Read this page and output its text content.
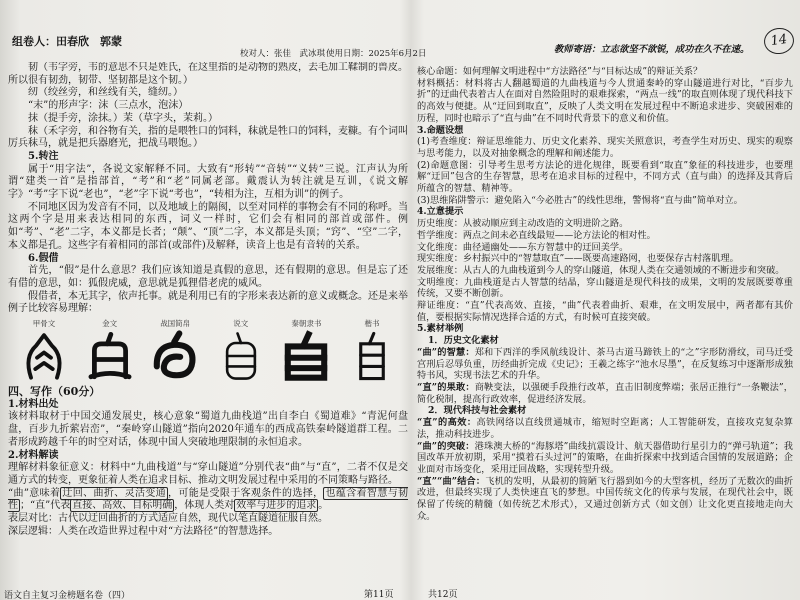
组卷人：田春欣　郭蒙
校对人：张佳　武冰琪 使用日期：2025年6月2日	教师寄语：立志欲坚不欲锐，成功在久不在速。
14

韧（韦字旁，韦的意思不只是姓氏，在这里指的是动物的熟皮，去毛加工鞣制的兽皮。所以很有韧劲，韧带、坚韧都是这个韧。）

纫（绞丝旁，和丝线有关，缝纫。）

“末”的形声字：沫（三点水，泡沫）

抹（提手旁，涂抹。）茉（草字头，茉莉。）

秣（禾字旁，和谷物有关，指的是喂牲口的饲料，秣就是牲口的饲料，麦糠。有个词叫厉兵秣马，就是把兵器磨光，把战马喂饱。）

5.转注

属于“用字法”，各说文家解释不同。大致有“形转”“音转”“义转”三说。江声认为所谓“建类一首”是指部首，“考”和“老”同属老部。戴震认为转注就是互训，《说文解字》“考”字下说“老也”，“老”字下说“考也”，“转相为注，互相为训”的例子。

不同地区因为发音有不同，以及地域上的隔阂，以至对同样的事物会有不同的称呼。当这两个字是用来表达相同的东西，词义一样时，它们会有相同的部首或部件。例如“考”、“老”二字，本义都是长者；“颠”、“顶”二字，本义都是头顶；“窍”、“空”二字，本义都是孔。这些字有着相同的部首(或部件)及解释，读音上也是有音转的关系。

6.假借

首先，“假”是什么意思？我们应该知道是真假的意思，还有假期的意思。但是忘了还有借的意思，如：狐假虎威，意思就是狐狸借老虎的威风。

假借者，本无其字，依声托事。就是利用已有的字形来表达新的意义或概念。还是来举例子比较容易理解：

甲骨文	金文	战国简帛	说文	秦朝隶书	楷书

四、写作（60分）

1.材料出处

该材料取材于中国交通发展史，核心意象“蜀道九曲栈道”出自李白《蜀道难》“青泥何盘盘，百步九折萦岩峦”，“秦岭穿山隧道”指向2020年通车的西成高铁秦岭隧道群工程。二者形成跨越千年的时空对话，体现中国人突破地理限制的永恒追求。

2.材料解读

理解材料象征意义：材料中“九曲栈道”与“穿山隧道”分别代表“曲”与“直”，二者不仅是交通方式的转变，更象征着人类在追求目标、推动文明发展过程中采用的不同策略与路径。

“曲”意味着 迂回、曲折、灵活变通 ，可能是受限于客观条件的选择， 也蕴含着智慧与韧性 ；“直”代表 直接、高效、目标明确 ，体现人类对 效率与进步的追求 。

表层对比：古代以迂回曲折的方式适应自然，现代以笔直隧道征服自然。

深层逻辑：人类在改造世界过程中对“方法路径”的智慧选择。

核心命题：如何理解文明进程中“方法路径”与“目标达成”的辩证关系？

材料概括：材料将古人翻越蜀道的九曲栈道与今人贯通秦岭的穿山隧道进行对比，“百步九折”的迂曲代表着古人在面对自然险阻时的艰难探索，“两点一线”的取直则体现了现代科技下的高效与便捷。从“迂回到取直”，反映了人类文明在发展过程中不断追求进步、突破困难的历程，同时也暗示了“直与曲”在不同时代背景下的意义和价值。

3.命题设想

(1)考查维度：辩证思维能力、历史文化素养、现实关照意识，考查学生对历史、现实的观察与思考能力，以及对抽象概念的理解和阐述能力。

(2)命题意图：引导考生思考方法论的进化规律，既要看到“取直”象征的科技进步，也要理解“迂回”包含的生存智慧，思考在追求目标的过程中，不同方式（直与曲）的选择及其背后所蕴含的智慧、精神等。

(3)思维陷阱警示：避免陷入“今必胜古”的线性思维，警惕将“直与曲”简单对立。

4.立意提示

历史维度：从被动顺应到主动改造的文明进阶之路。

哲学维度：两点之间未必直线最短——论方法论的相对性。

文化维度：曲径通幽处——东方智慧中的迂回美学。

现实维度：乡村振兴中的“智慧取直”——既要高速路网，也要保存古村落肌理。

发展维度：从古人的九曲栈道到今人的穿山隧道，体现人类在交通领域的不断进步和突破。

文明维度：九曲栈道是古人智慧的结晶，穿山隧道是现代科技的成果，文明的发展既要尊重传统，又要不断创新。

辩证维度：“直”代表高效、直接，“曲”代表着曲折、艰难，在文明发展中，两者都有其价值，要根据实际情况选择合适的方式，有时候可直接突破。

5.素材举例

1．历史文化素材

“曲”的智慧：郑和下西洋的季风航线设计、茶马古道马蹄铁上的“之”字形防滑纹，司马迁受宫刑后忍辱负重，历经曲折完成《史记》；王羲之练字“池水尽墨”，在反复练习中逐渐形成独特书风，实现书法艺术的升华。

“直”的果敢：商鞅变法，以强硬手段推行改革，直击旧制度弊端；张居正推行“一条鞭法”，简化税制，提高行政效率，促进经济发展。

2．现代科技与社会素材

“直”的高效：高铁网络以直线贯通城市，缩短时空距离；人工智能研发，直接攻克复杂算法，推动科技进步。

“曲”的突破：港珠澳大桥的“海豚塔”曲线抗震设计、航天器借助行星引力的“弹弓轨道”；我国改革开放初期，采用“摸着石头过河”的策略，在曲折探索中找到适合国情的发展道路；企业面对市场变化，采用迂回战略，实现转型升级。

“直”“曲”结合：飞机的发明，从最初的简陋飞行器到如今的大型客机，经历了无数次的曲折改进，但最终实现了人类快速直飞的梦想。中国传统文化的传承与发展，在现代社会中，既保留了传统的精髓（如传统艺术形式），又通过创新方式（如文创）让文化更直接地走向大众。

语文自主复习金榜题名卷（四）	第11页	共12页
